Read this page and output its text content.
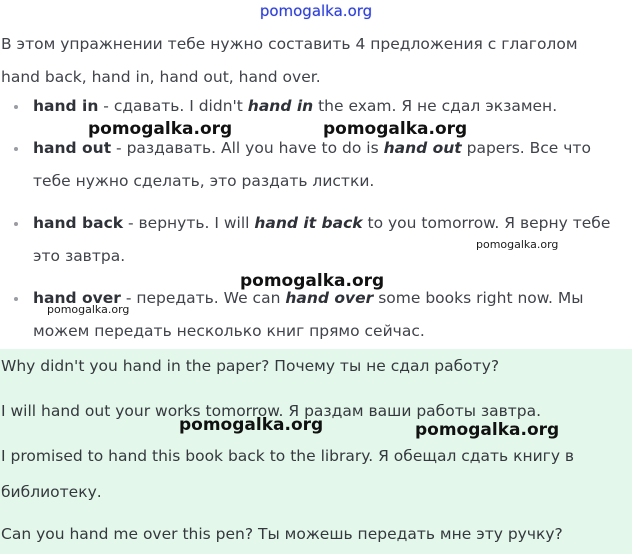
pomogalka.org
В этом упражнении тебе нужно составить 4 предложения с глаголом hand back, hand in, hand out, hand over.
hand in - сдавать. I didn't hand in the exam. Я не сдал экзамен.
hand out - раздавать. All you have to do is hand out papers. Все что тебе нужно сделать, это раздать листки.
hand back - вернуть. I will hand it back to you tomorrow. Я верну тебе это завтра.
hand over - передать. We can hand over some books right now. Мы можем передать несколько книг прямо сейчас.
Why didn't you hand in the paper? Почему ты не сдал работу?
I will hand out your works tomorrow. Я раздам ваши работы завтра.
I promised to hand this book back to the library. Я обещал сдать книгу в библиотеку.
Can you hand me over this pen? Ты можешь передать мне эту ручку?
pomogalka.org	pomogalka.org
pomogalka.org
pomogalka.org
pomogalka.org
pomogalka.org	pomogalka.org
